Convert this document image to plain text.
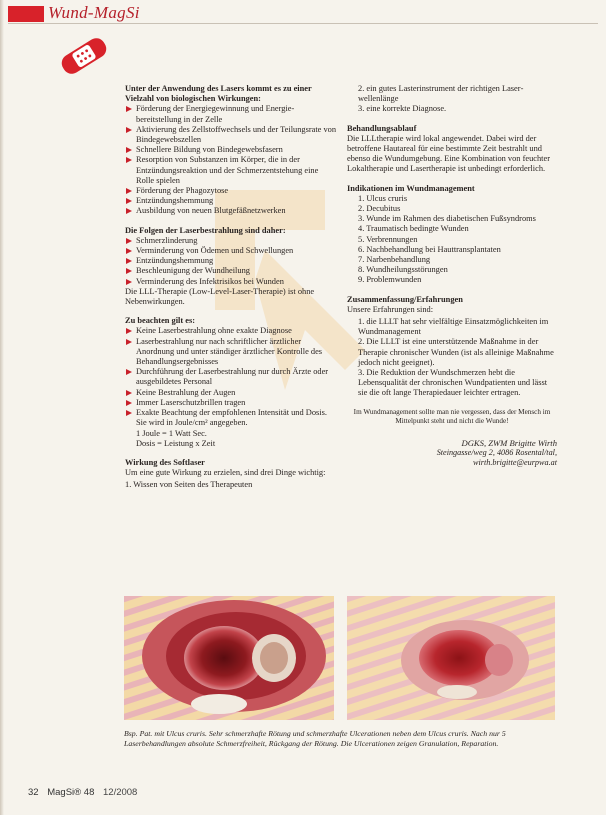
Wund-MagSi
Unter der Anwendung des Lasers kommt es zu einer Vielzahl von biologischen Wirkungen:
Förderung der Energiegewinnung und Energiebereitstellung in der Zelle
Aktivierung des Zellstoffwechsels und der Teilungsrate von Bindegewebszellen
Schnellere Bildung von Bindegewebsfasern
Resorption von Substanzen im Körper, die in der Entzündungsreaktion und der Schmerzentstehung eine Rolle spielen
Förderung der Phagozytose
Entzündungshemmung
Ausbildung von neuen Blutgefäßnetzwerken
Die Folgen der Laserbestrahlung sind daher:
Schmerzlinderung
Verminderung von Ödemen und Schwellungen
Entzündungshemmung
Beschleunigung der Wundheilung
Verminderung des Infektrisikos bei Wunden
Die LLL-Therapie (Low-Level-Laser-Therapie) ist ohne Nebenwirkungen.
Zu beachten gilt es:
Keine Laserbestrahlung ohne exakte Diagnose
Laserbestrahlung nur nach schriftlicher ärztlicher Anordnung und unter ständiger ärztlicher Kontrolle des Behandlungsergebnisses
Durchführung der Laserbestrahlung nur durch Ärzte oder ausgebildetes Personal
Keine Bestrahlung der Augen
Immer Laserschutzbrillen tragen
Exakte Beachtung der empfohlenen Intensität und Dosis. Sie wird in Joule/cm² angegeben.
1 Joule = 1 Watt Sec.
Dosis = Leistung x Zeit
Wirkung des Softlaser
Um eine gute Wirkung zu erzielen, sind drei Dinge wichtig:
1. Wissen von Seiten des Therapeuten
2. ein gutes Lasterinstrument der richtigen Laserwellenlänge
3. eine korrekte Diagnose.
Behandlungsablauf
Die LLLtherapie wird lokal angewendet. Dabei wird der betroffene Hautareal für eine bestimmte Zeit bestrahlt und ebenso die Wundumgebung. Eine Kombination von feuchter Lokaltherapie und Lasertherapie ist unbedingt erforderlich.
Indikationen im Wundmanagement
1. Ulcus cruris
2. Decubitus
3. Wunde im Rahmen des diabetischen Fußsyndroms
4. Traumatisch bedingte Wunden
5. Verbrennungen
6. Nachbehandlung bei Hauttransplantaten
7. Narbenbehandlung
8. Wundheilungsstörungen
9. Problemwunden
Zusammenfassung/Erfahrungen
Unsere Erfahrungen sind:
1. die LLLT hat sehr vielfältige Einsatzmöglichkeiten im Wundmanagement
2. Die LLLT ist eine unterstützende Maßnahme in der Therapie chronischer Wunden (ist als alleinige Maßnahme jedoch nicht geeignet).
3. Die Reduktion der Wundschmerzen hebt die Lebensqualität der chronischen Wundpatienten und lässt sie die oft lange Therapiedauer leichter ertragen.
Im Wundmanagement sollte man nie vergessen, dass der Mensch im Mittelpunkt steht und nicht die Wunde!
DGKS, ZWM Brigitte Wirth
Steingasse/weg 2, 4086 Rosental/tal,
wirth.brigitte@eurpwa.at
Bsp. Pat. mit Ulcus cruris. Sehr schmerzhafte Rötung und schmerzhafte Ulcerationen neben dem Ulcus cruris. Nach nur 5 Laserbehandlungen absolute Schmerzfreiheit, Rückgang der Rötung. Die Ulcerationen zeigen Granulation, Reparation.
32 MagSi® 48 12/2008
